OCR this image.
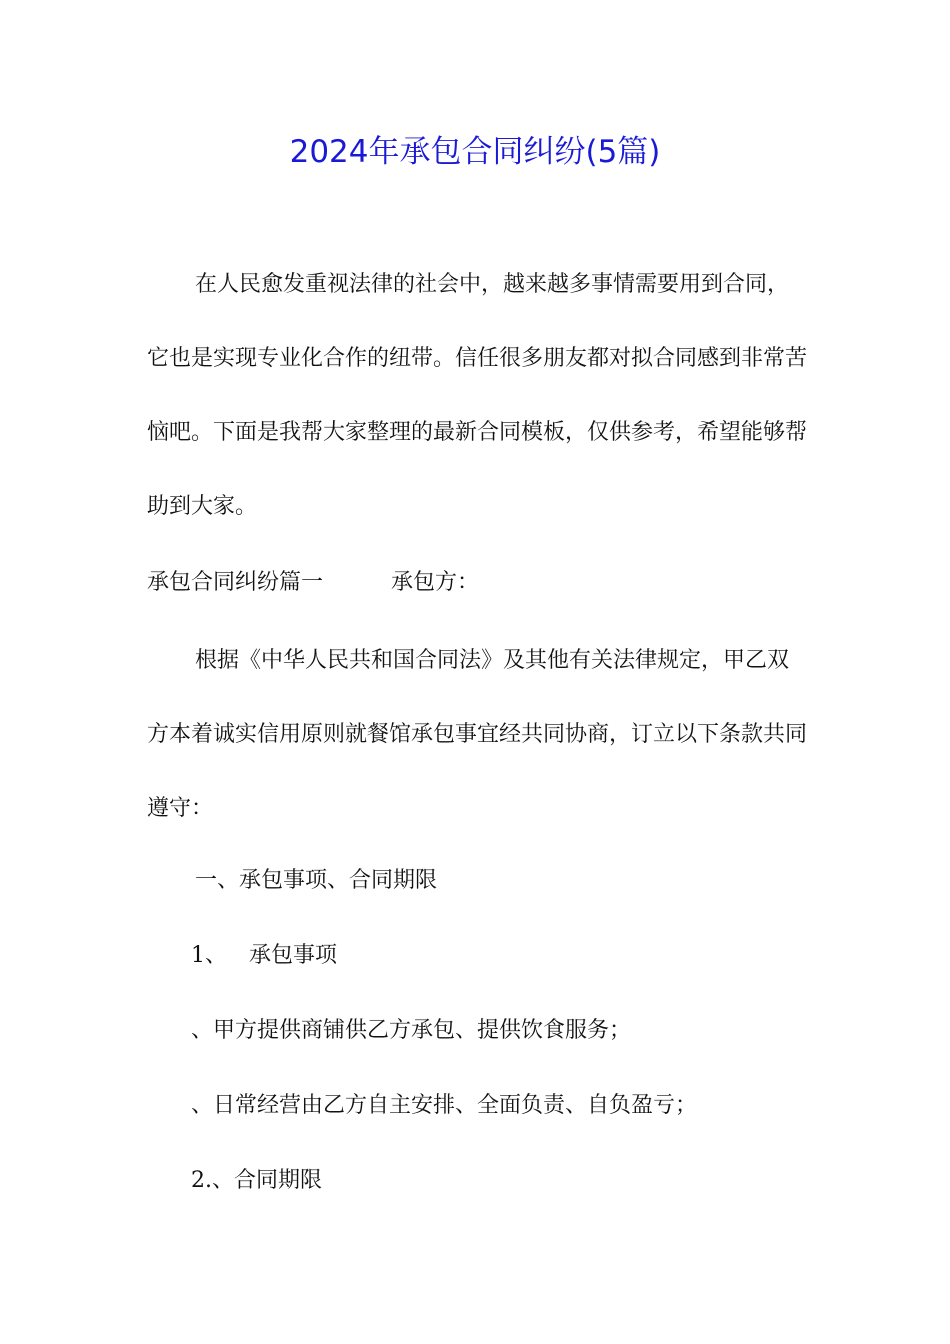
2024年承包合同纠纷(5篇)

在人民愈发重视法律的社会中，越来越多事情需要用到合同，它也是实现专业化合作的纽带。信任很多朋友都对拟合同感到非常苦恼吧。下面是我帮大家整理的最新合同模板，仅供参考，希望能够帮助到大家。

承包合同纠纷篇一	承包方：

根据《中华人民共和国合同法》及其他有关法律规定，甲乙双方本着诚实信用原则就餐馆承包事宜经共同协商，订立以下条款共同遵守：

一、承包事项、合同期限
1、 承包事项
、甲方提供商铺供乙方承包、提供饮食服务；
、日常经营由乙方自主安排、全面负责、自负盈亏；
2.、合同期限
